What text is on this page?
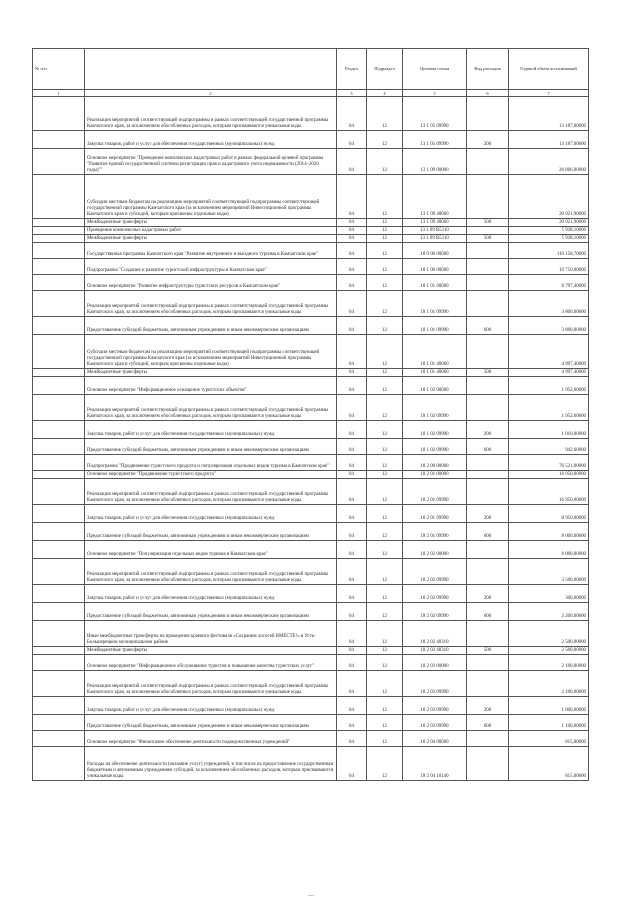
№ п/п		Раздел	Подраздел	Целевая статья	Вид расходов	Годовой объем ассигнований
1	2	3	4	5	6	7
	Реализация мероприятий соответствующей подпрограммы в рамках соответствующей государственной программы Камчатского края, за исключением обособленных расходов, которым присваиваются уникальные коды	04	12	13 1 05 09990		13 187,00000
	Закупка товаров, работ и услуг для обеспечения государственных (муниципальных) нужд	04	12	13 1 05 09990	200	13 187,00000
	Основное мероприятие "Проведение комплексных кадастровых работ в рамках федеральной целевой программы "Развитие единой государственной системы регистрации прав и кадастрового учета недвижимости (2014–2020 годы)""	04	12	13 1 09 00000		26 866,00000
	Субсидии местным бюджетам на реализацию мероприятий соответствующей подпрограммы соответствующей государственной программы Камчатского края (за исключением мероприятий Инвестиционной программы Камчатского края и субсидий, которым присвоены отдельные коды)	04	12	13 1 09 40060		20 921,90000
	Межбюджетные трансферты	04	12	13 1 09 40060	500	20 921,90000
	Проведение комплексных кадастровых работ	04	12	13 1 09 R5110		5 938,10000
	Межбюджетные трансферты	04	12	13 1 09 R5110	500	5 938,10000
	Государственная программа Камчатского края "Развитие внутреннего и въездного туризма в Камчатском крае"	04	12	18 0 00 00000		110 158,70000
	Подпрограмма "Создание и развитие туристской инфраструктуры в Камчатском крае"	04	12	18 1 00 00000		10 750,00000
	Основное мероприятие "Развитие инфраструктуры туристских ресурсов в Камчатском крае"	04	12	18 1 01 00000		8 797,40000
	Реализация мероприятий соответствующей подпрограммы в рамках соответствующей государственной программы Камчатского края, за исключением обособленных расходов, которым присваиваются уникальные коды	04	12	18 1 01 09990		3 800,00000
	Предоставление субсидий бюджетным, автономным учреждениям и иным некоммерческим организациям	04	12	18 1 01 09990	600	3 800,00000
	Субсидии местным бюджетам на реализацию мероприятий соответствующей подпрограммы соответствующей государственной программы Камчатского края (за исключением мероприятий Инвестиционной программы Камчатского края и субсидий, которым присвоены отдельные коды)	04	12	18 1 01 40060		4 997,40000
	Межбюджетные трансферты	04	12	18 1 01 40060	500	4 997,40000
	Основное мероприятие "Информационное оснащение туристских объектов"	04	12	18 1 02 00000		1 952,60000
	Реализация мероприятий соответствующей подпрограммы в рамках соответствующей государственной программы Камчатского края, за исключением обособленных расходов, которым присваиваются уникальные коды	04	12	18 1 02 09990		1 952,60000
	Закупка товаров, работ и услуг для обеспечения государственных (муниципальных) нужд	04	12	18 1 02 09990	200	1 010,00000
	Предоставление субсидий бюджетным, автономным учреждениям и иным некоммерческим организациям	04	12	18 1 02 09990	600	942,60000
	Подпрограмма "Продвижение туристского продукта и популяризация отдельных видов туризма в Камчатском крае"	04	12	18 2 00 00000		76 521,00000
	Основное мероприятие "Продвижение туристского продукта"	04	12	18 2 01 00000		16 950,00000
	Реализация мероприятий соответствующей подпрограммы в рамках соответствующей государственной программы Камчатского края, за исключением обособленных расходов, которым присваиваются уникальные коды	04	12	18 2 01 09990		16 950,00000
	Закупка товаров, работ и услуг для обеспечения государственных (муниципальных) нужд	04	12	18 2 01 09990	200	8 950,00000
	Предоставление субсидий бюджетным, автономным учреждениям и иным некоммерческим организациям	04	12	18 2 01 09990	600	8 000,00000
	Основное мероприятие "Популяризация отдельных видов туризма в Камчатском крае"	04	12	18 2 02 00000		6 000,00000
	Реализация мероприятий соответствующей подпрограммы в рамках соответствующей государственной программы Камчатского края, за исключением обособленных расходов, которым присваиваются уникальные коды	04	12	18 2 02 09990		3 500,00000
	Закупка товаров, работ и услуг для обеспечения государственных (муниципальных) нужд	04	12	18 2 02 09990	200	300,00000
	Предоставление субсидий бюджетным, автономным учреждениям и иным некоммерческим организациям	04	12	18 2 02 09990	600	3 200,00000
	Иные межбюджетные трансферты на проведение краевого фестиваля «Сохраним лососей ВМЕСТЕ!» в Усть-Большерецком муниципальном районе	04	12	18 2 02 40310		2 500,00000
	Межбюджетные трансферты	04	12	18 2 02 40310	500	2 500,00000
	Основное мероприятие "Информационное обслуживание туристов и повышение качества туристских услуг"	04	12	18 2 03 00000		2 100,00000
	Реализация мероприятий соответствующей подпрограммы в рамках соответствующей государственной программы Камчатского края, за исключением обособленных расходов, которым присваиваются уникальные коды	04	12	18 2 03 09990		2 100,00000
	Закупка товаров, работ и услуг для обеспечения государственных (муниципальных) нужд	04	12	18 2 03 09990	200	1 000,00000
	Предоставление субсидий бюджетным, автономным учреждениям и иным некоммерческим организациям	04	12	18 2 03 09990	600	1 100,00000
	Основное мероприятие "Финансовое обеспечение деятельности подведомственных учреждений"	04	12	18 2 04 00000		815,00000
	Расходы на обеспечение деятельности (оказание услуг) учреждений, в том числе на предоставление государственным бюджетным и автономным учреждениям субсидий, за исключением обособленных расходов, которым присваиваются уникальные коды	04	12	18 2 04 10140		815,00000
—
